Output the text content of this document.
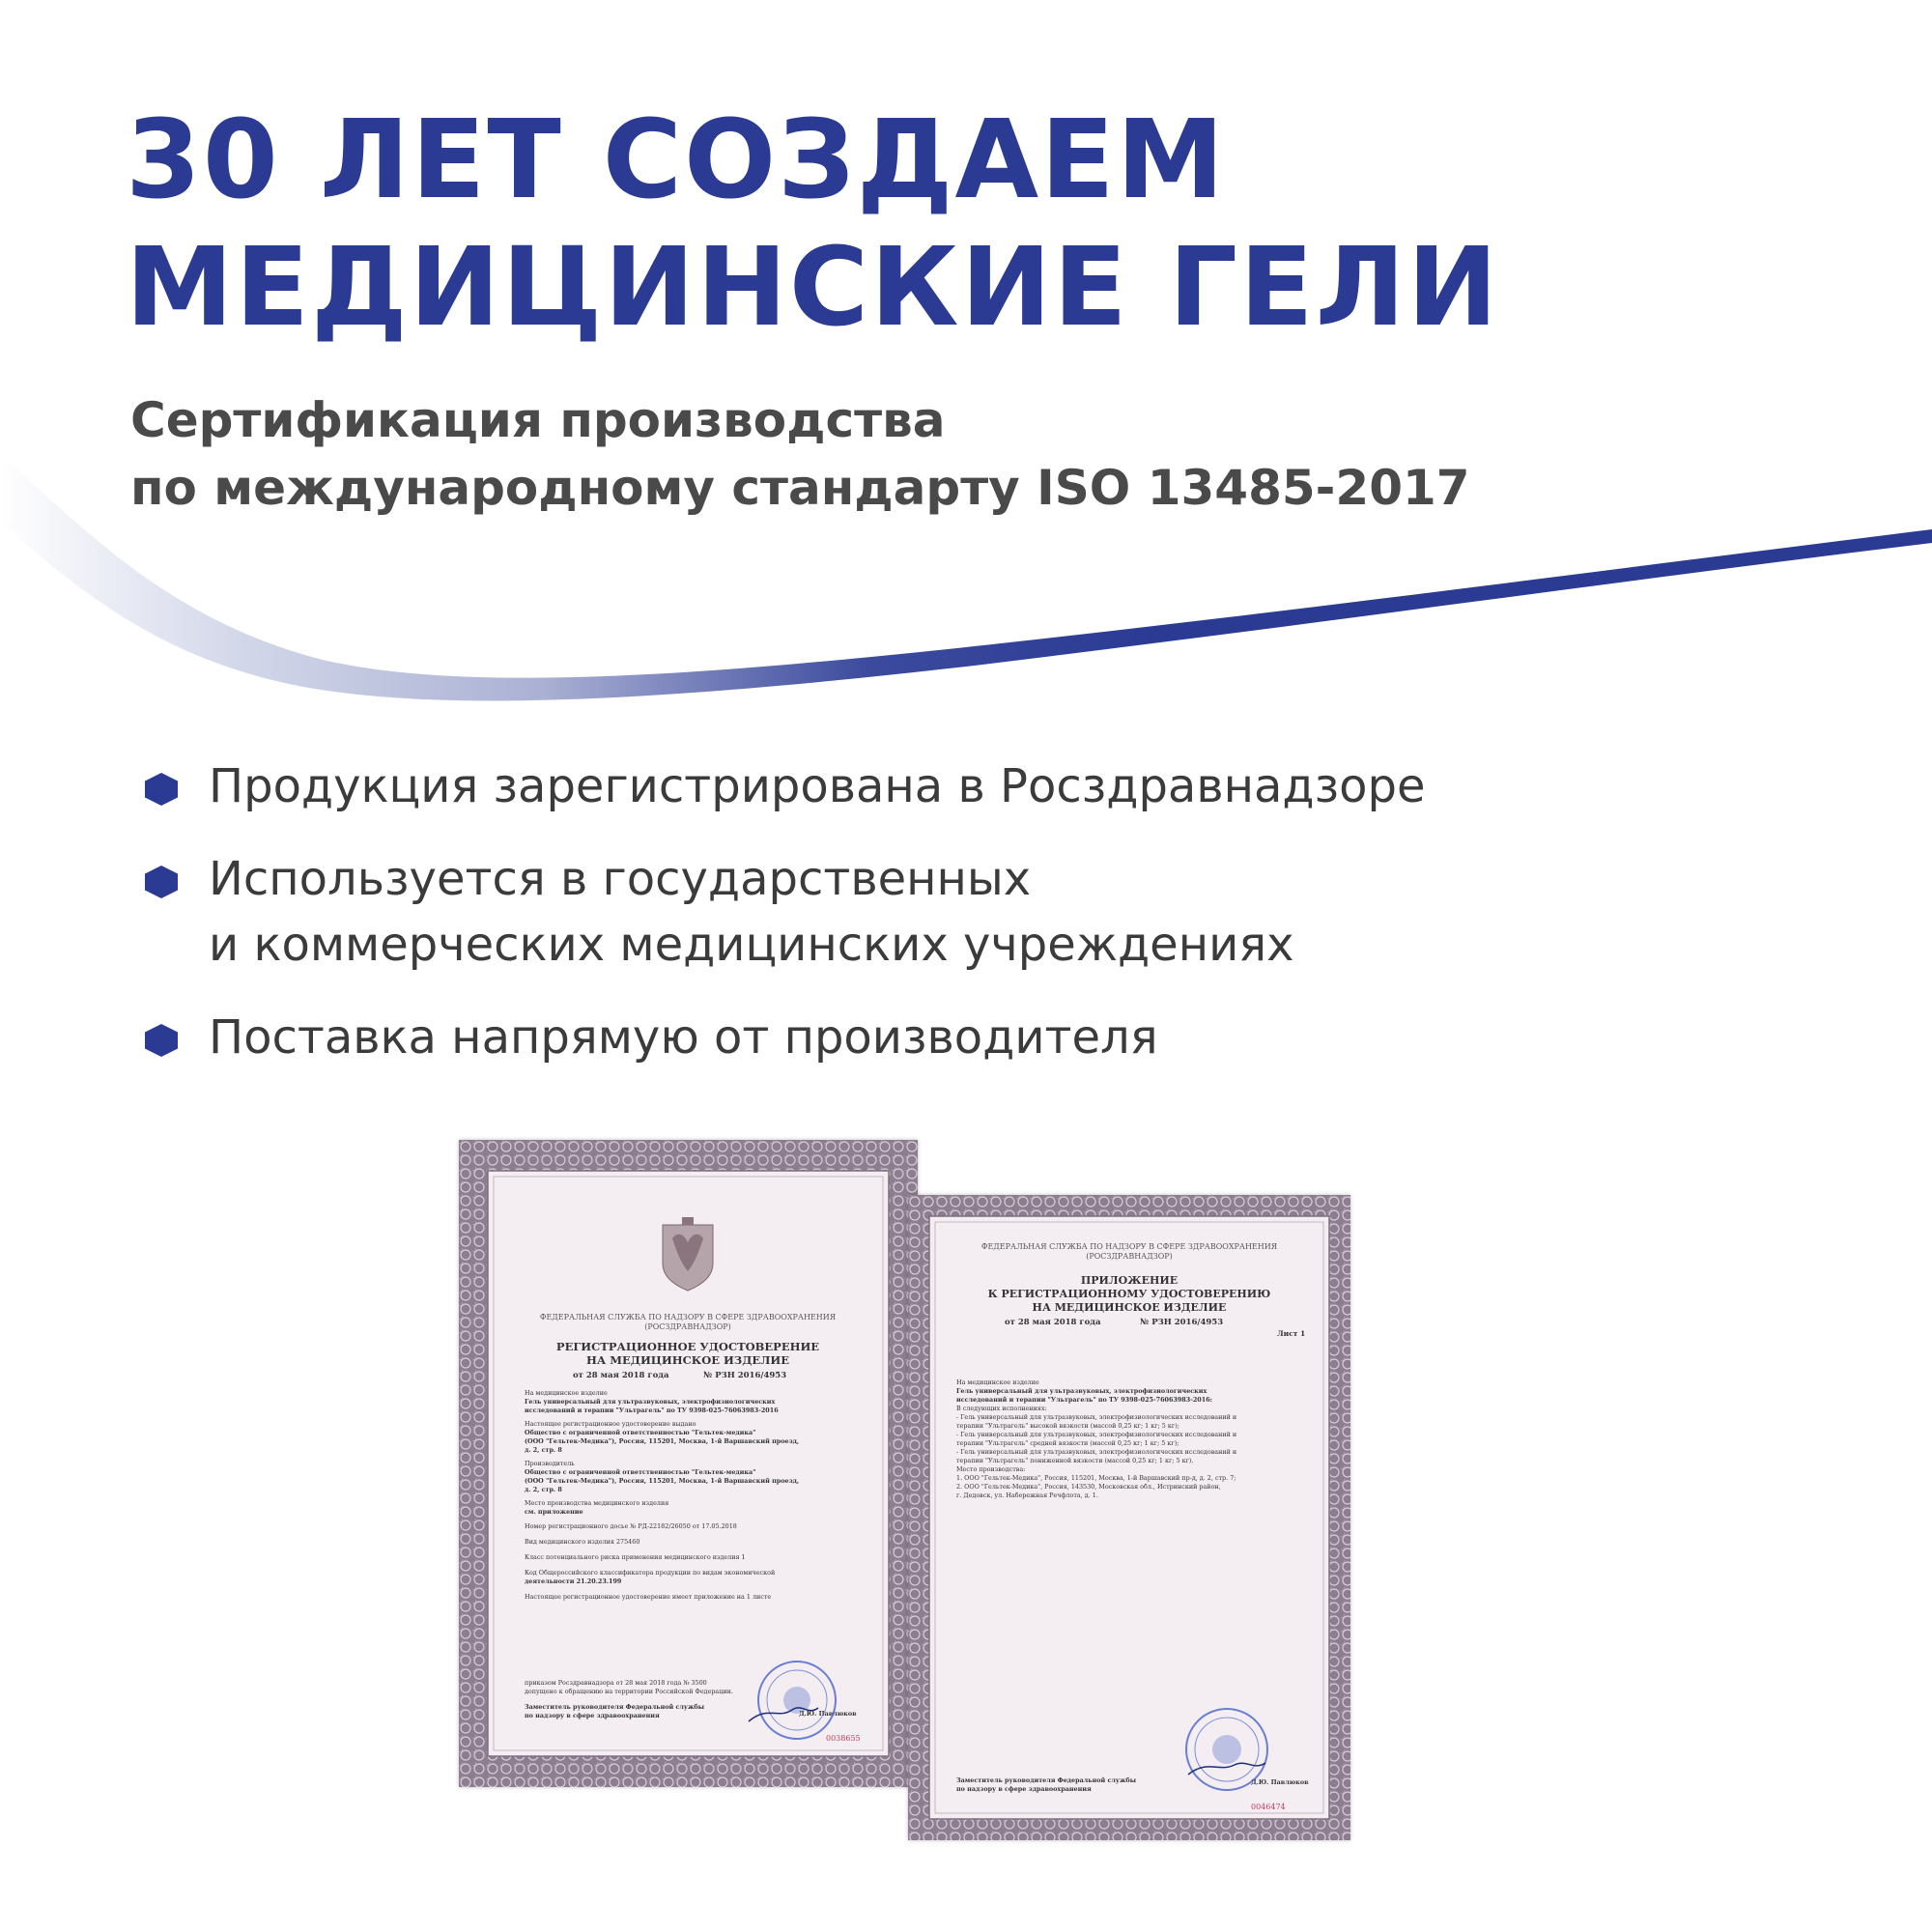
30 ЛЕТ СОЗДАЕМ
МЕДИЦИНСКИЕ ГЕЛИ

Сертификация производства
по международному стандарту ISO 13485-2017

Продукция зарегистрирована в Росздравнадзоре
Используется в государственных
и коммерческих медицинских учреждениях
Поставка напрямую от производителя
ФЕДЕРАЛЬНАЯ СЛУЖБА ПО НАДЗОРУ В СФЕРЕ ЗДРАВООХРАНЕНИЯ
(РОСЗДРАВНАДЗОР)
РЕГИСТРАЦИОННОЕ УДОСТОВЕРЕНИЕ
НА МЕДИЦИНСКОЕ ИЗДЕЛИЕ
от 28 мая 2018 года	№ РЗН 2016/4953
На медицинское изделие
Гель универсальный для ультразвуковых, электрофизиологических
исследований и терапии "Ультрагель" по ТУ 9398-025-76063983-2016
Настоящее регистрационное удостоверение выдано
Общество с ограниченной ответственностью "Гельтек-медика"
(ООО "Гельтек-Медика"), Россия, 115201, Москва, 1-й Варшавский проезд,
д. 2, стр. 8
Производитель
Общество с ограниченной ответственностью "Гельтек-медика"
(ООО "Гельтек-Медика"), Россия, 115201, Москва, 1-й Варшавский проезд,
д. 2, стр. 8
Место производства медицинского изделия
см. приложение
Номер регистрационного досье № РД-22182/26050 от 17.05.2018
Вид медицинского изделия 275460
Класс потенциального риска применения медицинского изделия 1
Код Общероссийского классификатора продукции по видам экономической
деятельности 21.20.23.199
Настоящее регистрационное удостоверение имеет приложение на 1 листе
приказом Росздравнадзора от 28 мая 2018 года № 3500
допущено к обращению на территории Российской Федерации.
Заместитель руководителя Федеральной службы
по надзору в сфере здравоохранения	Д.Ю. Павлюков
0038655
ФЕДЕРАЛЬНАЯ СЛУЖБА ПО НАДЗОРУ В СФЕРЕ ЗДРАВООХРАНЕНИЯ
(РОСЗДРАВНАДЗОР)
ПРИЛОЖЕНИЕ
К РЕГИСТРАЦИОННОМУ УДОСТОВЕРЕНИЮ
НА МЕДИЦИНСКОЕ ИЗДЕЛИЕ
от 28 мая 2018 года	№ РЗН 2016/4953
Лист 1
На медицинское изделие
Гель универсальный для ультразвуковых, электрофизиологических
исследований и терапии "Ультрагель" по ТУ 9398-025-76063983-2016:
В следующих исполнениях:
- Гель универсальный для ультразвуковых, электрофизиологических исследований и
терапии "Ультрагель" высокой вязкости (массой 0,25 кг; 1 кг; 5 кг);
- Гель универсальный для ультразвуковых, электрофизиологических исследований и
терапии "Ультрагель" средней вязкости (массой 0,25 кг; 1 кг; 5 кг);
- Гель универсальный для ультразвуковых, электрофизиологических исследований и
терапии "Ультрагель" пониженной вязкости (массой 0,25 кг; 1 кг; 5 кг).
Место производства:
1. ООО "Гельтек-Медика", Россия, 115201, Москва, 1-й Варшавский пр-д, д. 2, стр. 7;
2. ООО "Гельтек-Медика", Россия, 143530, Московская обл., Истринский район,
г. Дедовск, ул. Набережная Речфлота, д. 1.
Заместитель руководителя Федеральной службы
по надзору в сфере здравоохранения
Д.Ю. Павлюков
0046474
